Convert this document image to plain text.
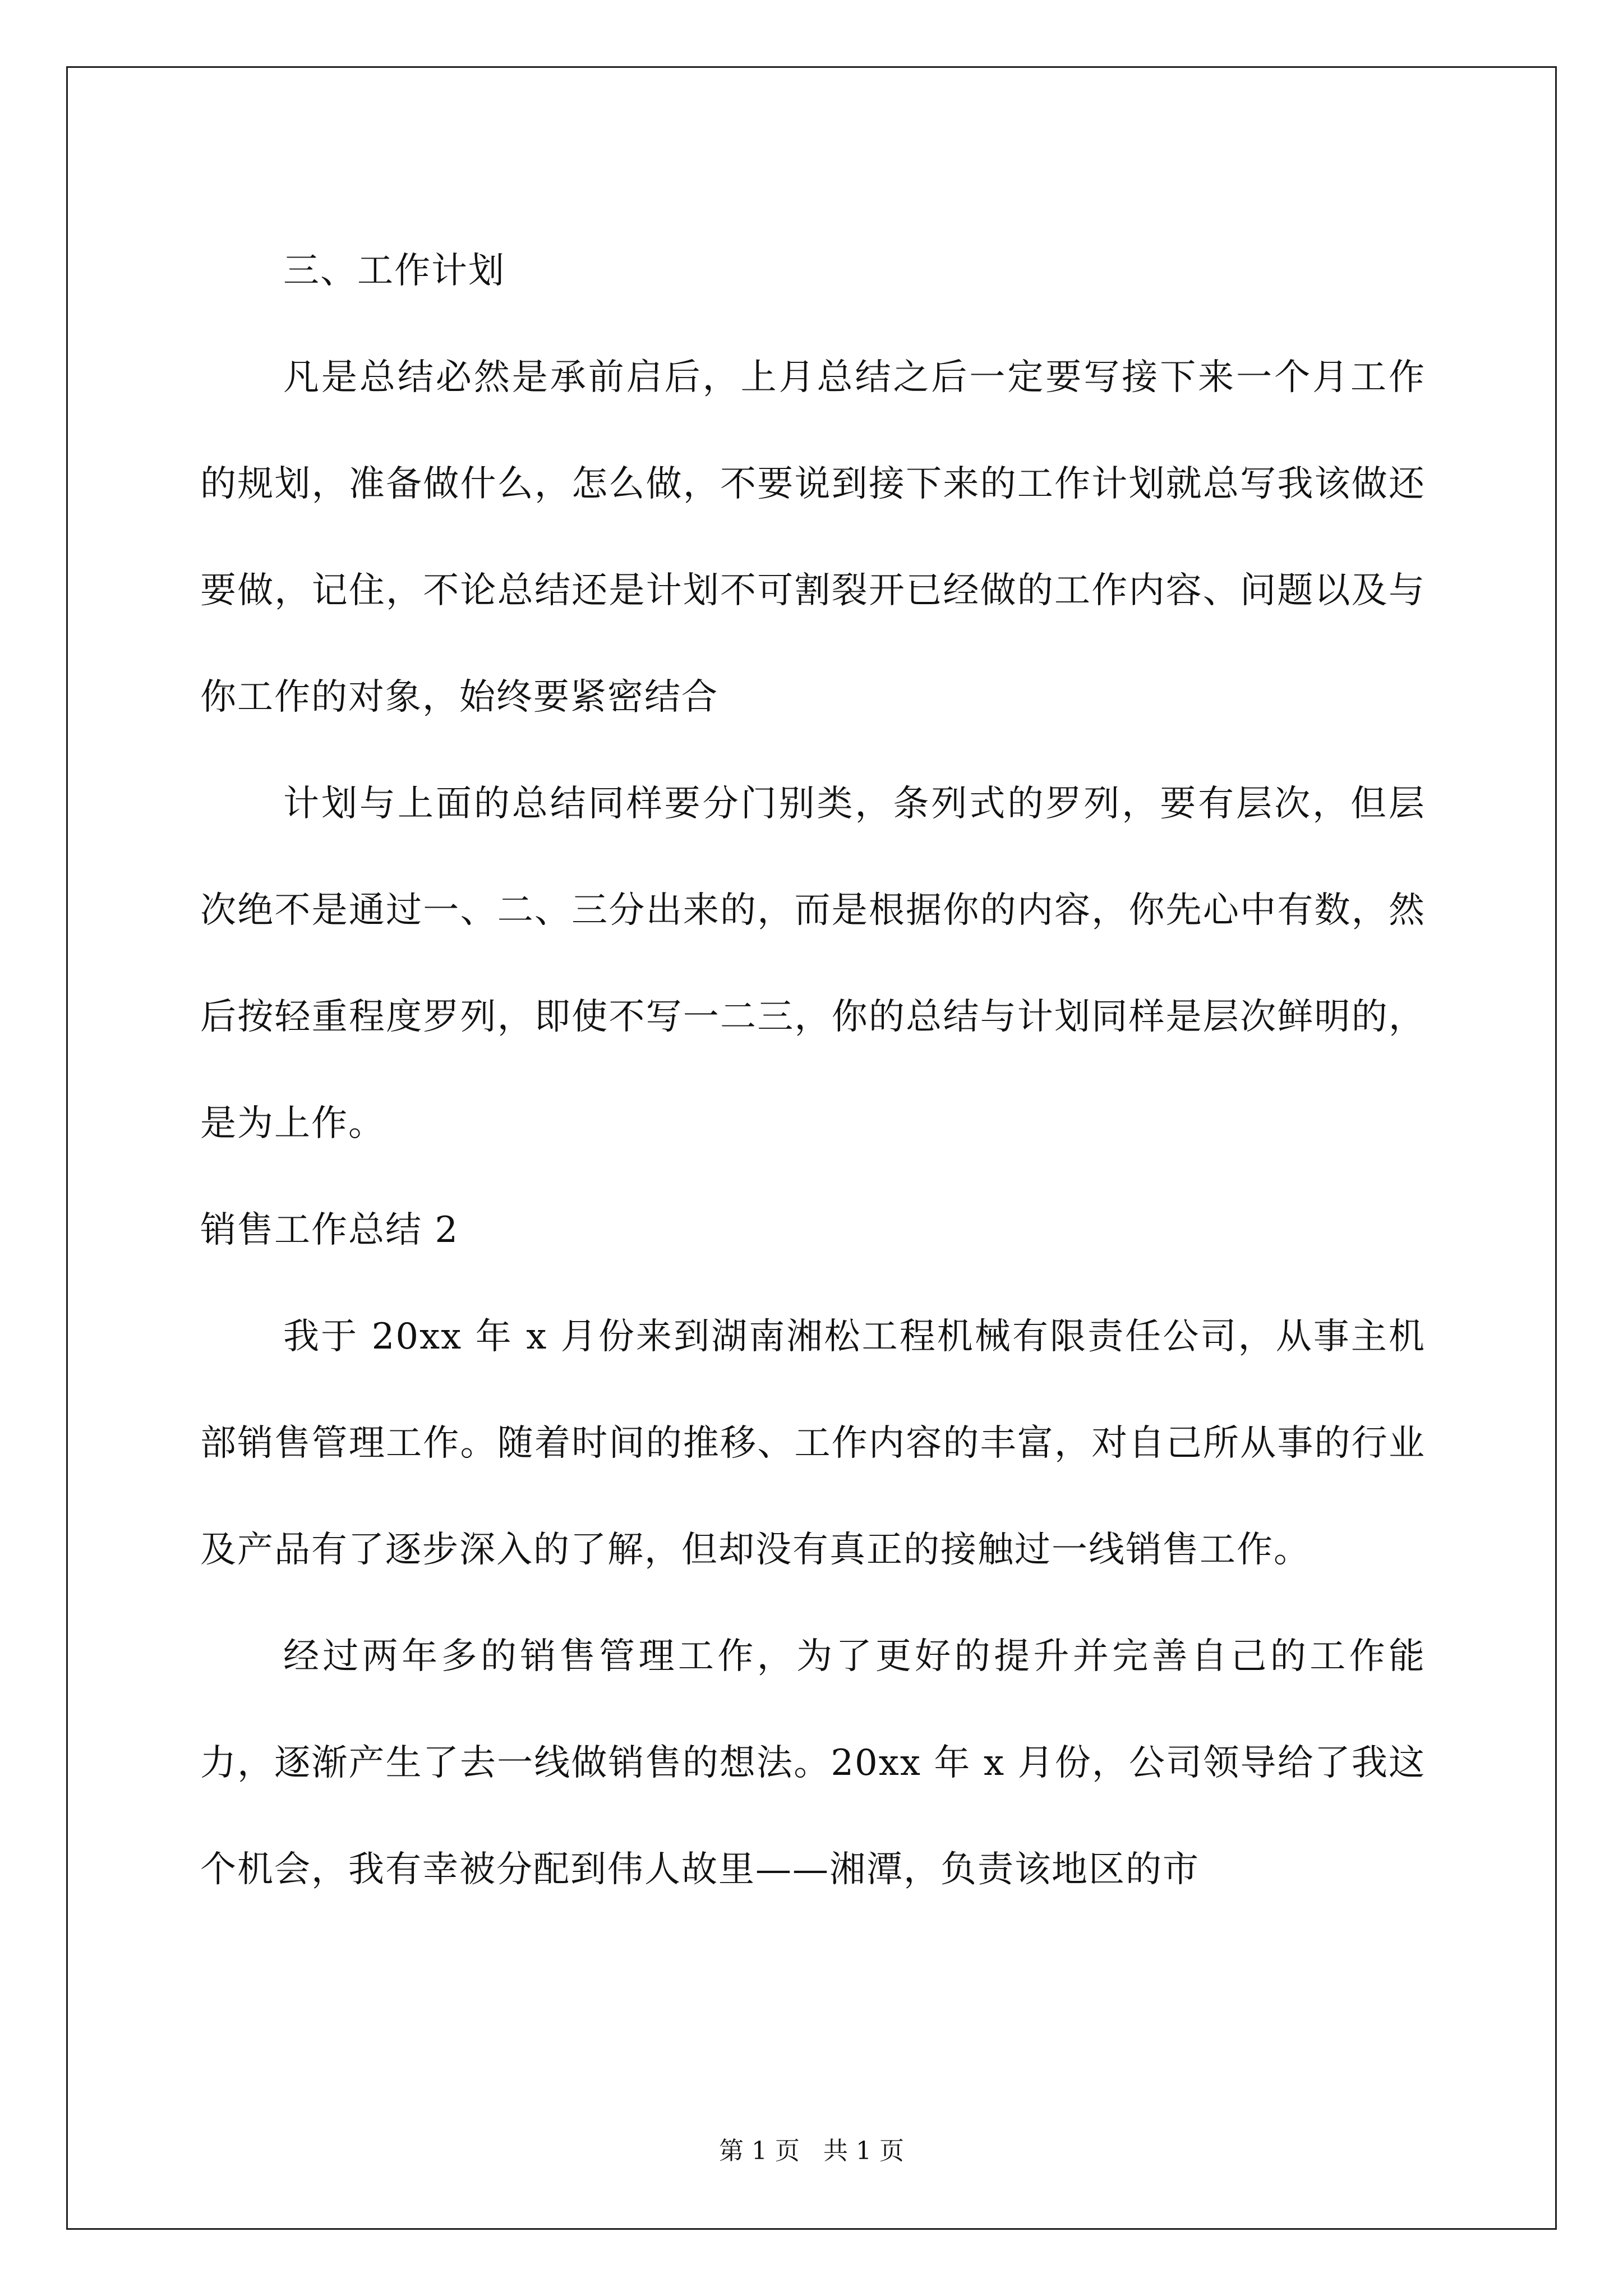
三、工作计划

凡是总结必然是承前启后，上月总结之后一定要写接下来一个月工作的规划，准备做什么，怎么做，不要说到接下来的工作计划就总写我该做还要做，记住，不论总结还是计划不可割裂开已经做的工作内容、问题以及与你工作的对象，始终要紧密结合

计划与上面的总结同样要分门别类，条列式的罗列，要有层次，但层次绝不是通过一、二、三分出来的，而是根据你的内容，你先心中有数，然后按轻重程度罗列，即使不写一二三，你的总结与计划同样是层次鲜明的，是为上作。

销售工作总结 2

我于 20xx 年 x 月份来到湖南湘松工程机械有限责任公司，从事主机部销售管理工作。随着时间的推移、工作内容的丰富，对自己所从事的行业及产品有了逐步深入的了解，但却没有真正的接触过一线销售工作。

经过两年多的销售管理工作，为了更好的提升并完善自己的工作能力，逐渐产生了去一线做销售的想法。20xx 年 x 月份，公司领导给了我这个机会，我有幸被分配到伟人故里——湘潭，负责该地区的市

第 1 页 共 1 页
